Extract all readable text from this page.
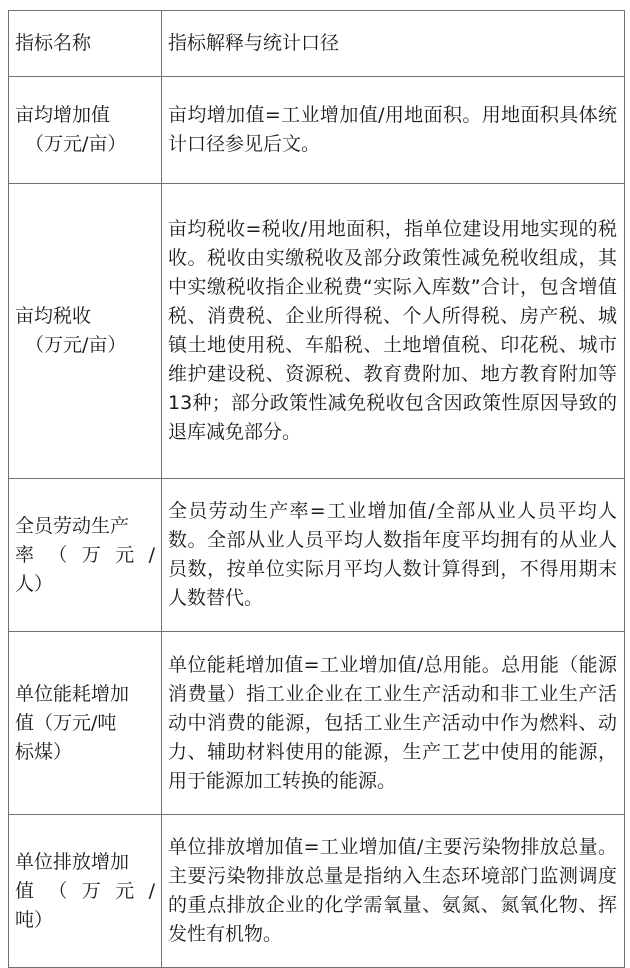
指标名称	指标解释与统计口径

亩均增加值
（万元/亩）	亩均增加值=工业增加值/用地面积。用地面积具体统计口径参见后文。

亩均税收
（万元/亩）	亩均税收=税收/用地面积，指单位建设用地实现的税收。税收由实缴税收及部分政策性减免税收组成，其中实缴税收指企业税费“实际入库数”合计，包含增值税、消费税、企业所得税、个人所得税、房产税、城镇土地使用税、车船税、土地增值税、印花税、城市维护建设税、资源税、教育费附加、地方教育附加等13种；部分政策性减免税收包含因政策性原因导致的退库减免部分。

全员劳动生产
率（万元/
人）	全员劳动生产率=工业增加值/全部从业人员平均人数。全部从业人员平均人数指年度平均拥有的从业人员数，按单位实际月平均人数计算得到，不得用期末人数替代。

单位能耗增加
值（万元/吨
标煤）	单位能耗增加值=工业增加值/总用能。总用能（能源消费量）指工业企业在工业生产活动和非工业生产活动中消费的能源，包括工业生产活动中作为燃料、动力、辅助材料使用的能源，生产工艺中使用的能源，用于能源加工转换的能源。

单位排放增加
值（万元/
吨）	单位排放增加值=工业增加值/主要污染物排放总量。主要污染物排放总量是指纳入生态环境部门监测调度的重点排放企业的化学需氧量、氨氮、氮氧化物、挥发性有机物。
